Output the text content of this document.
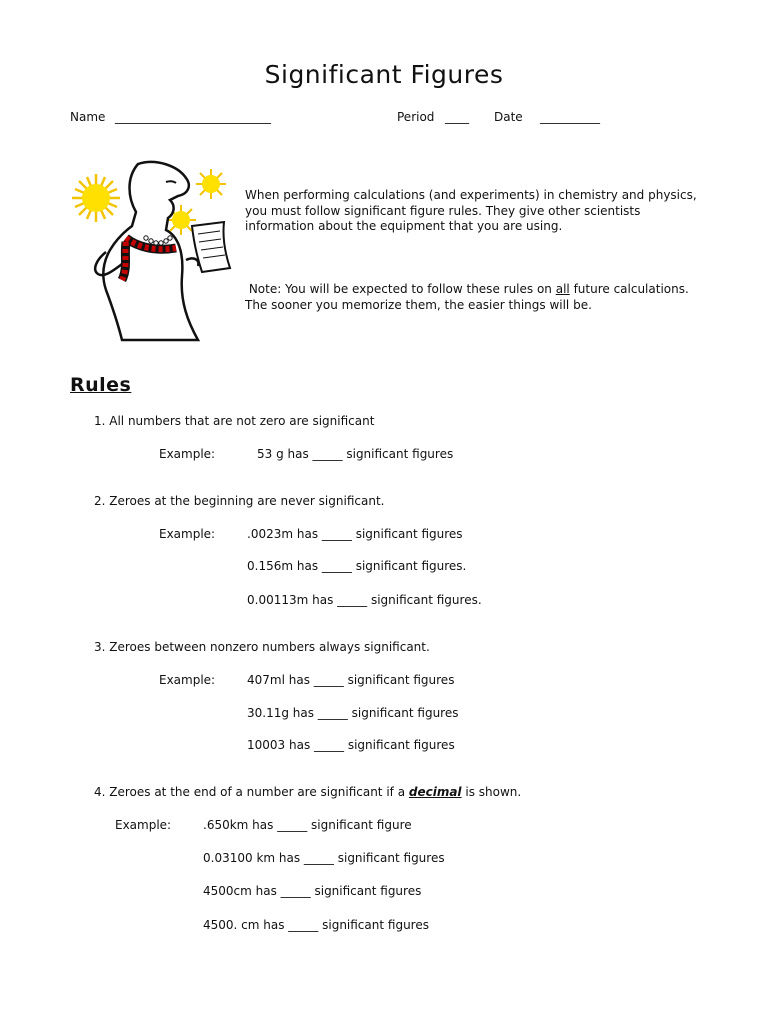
Significant Figures
Name __________________________	Period ____ Date __________
When performing calculations (and experiments) in chemistry and physics, you must follow significant figure rules. They give other scientists information about the equipment that you are using.
Note: You will be expected to follow these rules on all future calculations. The sooner you memorize them, the easier things will be.
Rules
1. All numbers that are not zero are significant
Example:	53 g has _____ significant figures
2. Zeroes at the beginning are never significant.
Example:	.0023m has _____ significant figures
0.156m has _____ significant figures.
0.00113m has _____ significant figures.
3. Zeroes between nonzero numbers always significant.
Example:	407ml has _____ significant figures
30.11g has _____ significant figures
10003 has _____ significant figures
4. Zeroes at the end of a number are significant if a decimal is shown.
Example:	.650km has _____ significant figure
0.03100 km has _____ significant figures
4500cm has _____ significant figures
4500. cm has _____ significant figures
